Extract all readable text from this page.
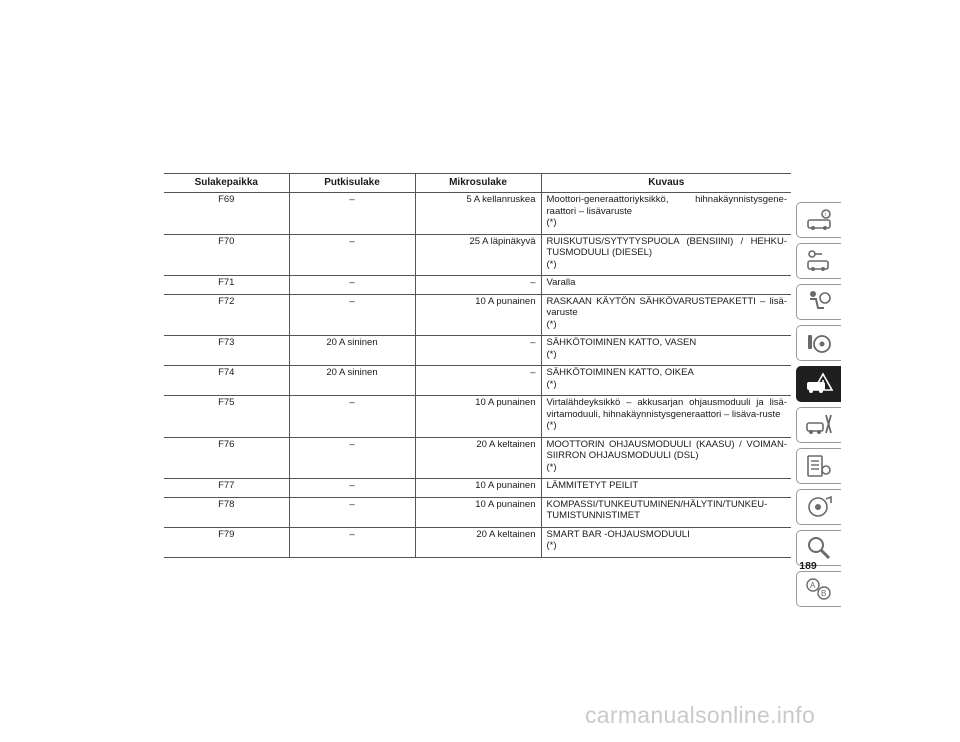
Sulakepaikka	Putkisulake	Mikrosulake	Kuvaus
F69	–	5 A kellanruskea	Moottori-generaattoriyksikkö, hihnakäynnistysgene-raattori – lisävaruste
(*)

F70	–	25 A läpinäkyvä	RUISKUTUS/SYTYTYSPUOLA (BENSIINI) / HEHKU-TUSMODUULI (DIESEL)
(*)

F71	–	–	Varalla

F72	–	10 A punainen	RASKAAN KÄYTÖN SÄHKÖVARUSTEPAKETTI – lisä-varuste
(*)

F73	20 A sininen	–	SÄHKÖTOIMINEN KATTO, VASEN
(*)

F74	20 A sininen	–	SÄHKÖTOIMINEN KATTO, OIKEA
(*)

F75	–	10 A punainen	Virtalähdeyksikkö – akkusarjan ohjausmoduuli ja lisä-virtamoduuli, hihnakäynnistysgeneraattori – lisäva-ruste
(*)

F76	–	20 A keltainen	MOOTTORIN OHJAUSMODUULI (KAASU) / VOIMAN-SIIRRON OHJAUSMODUULI (DSL)
(*)

F77	–	10 A punainen	LÄMMITETYT PEILIT

F78	–	10 A punainen	KOMPASSI/TUNKEUTUMINEN/HÄLYTIN/TUNKEU-TUMISTUNNISTIMET

F79	–	20 A keltainen	SMART BAR -OHJAUSMODUULI
(*)
i
A
B
189
carmanualsonline.info
